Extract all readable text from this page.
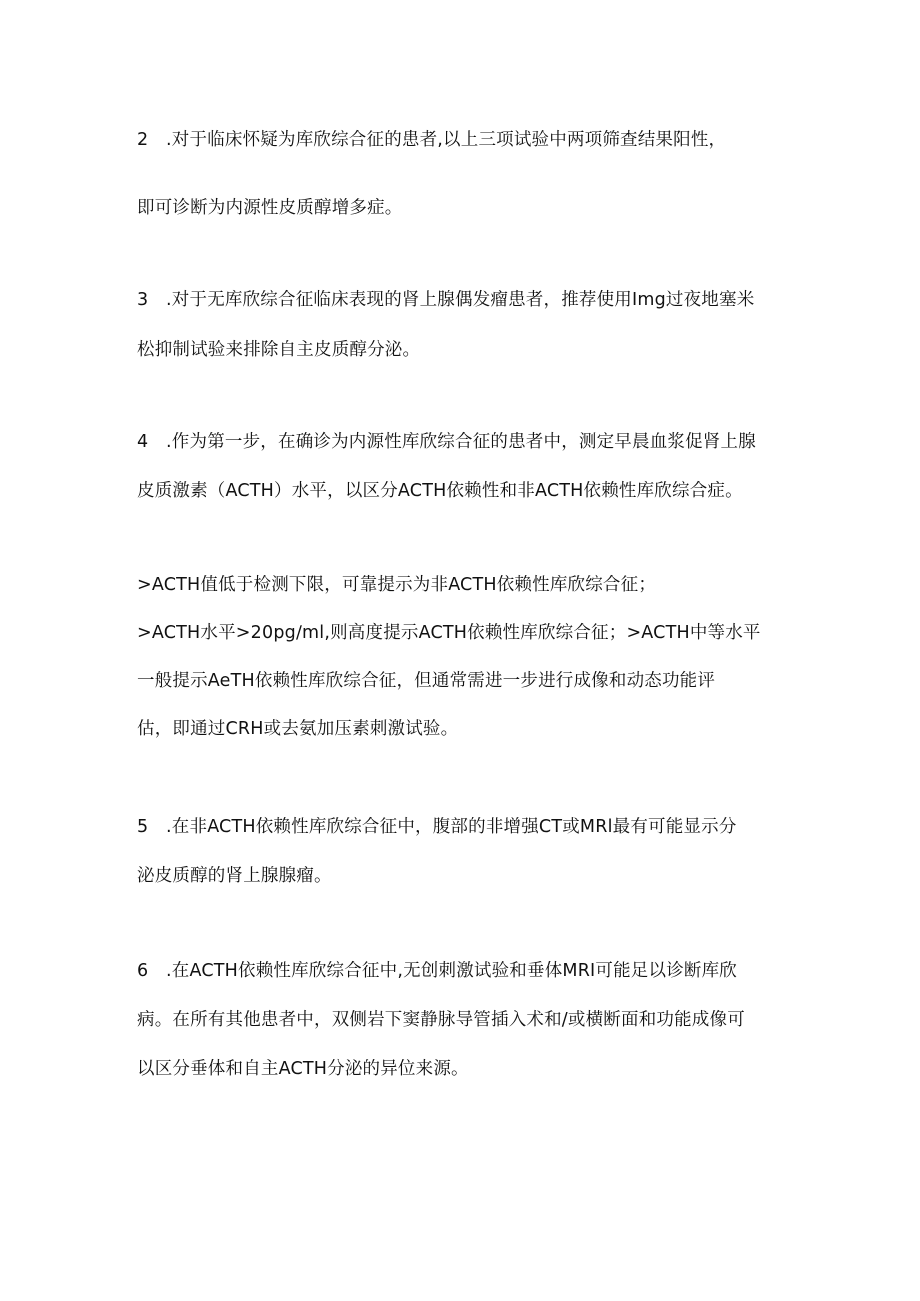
2　.对于临床怀疑为库欣综合征的患者,以上三项试验中两项筛查结果阳性，
即可诊断为内源性皮质醇增多症。
3　.对于无库欣综合征临床表现的肾上腺偶发瘤患者，推荐使用Img过夜地塞米
松抑制试验来排除自主皮质醇分泌。
4　.作为第一步，在确诊为内源性库欣综合征的患者中，测定早晨血浆促肾上腺
皮质激素（ACTH）水平，以区分ACTH依赖性和非ACTH依赖性库欣综合症。
>ACTH值低于检测下限，可靠提示为非ACTH依赖性库欣综合征；
>ACTH水平>20pg∕ml,则高度提示ACTH依赖性库欣综合征；>ACTH中等水平
一般提示AeTH依赖性库欣综合征，但通常需进一步进行成像和动态功能评
估，即通过CRH或去氨加压素刺激试验。
5　.在非ACTH依赖性库欣综合征中，腹部的非增强CT或MRl最有可能显示分
泌皮质醇的肾上腺腺瘤。
6　.在ACTH依赖性库欣综合征中,无创刺激试验和垂体MRI可能足以诊断库欣
病。在所有其他患者中，双侧岩下窦静脉导管插入术和/或横断面和功能成像可
以区分垂体和自主ACTH分泌的异位来源。
